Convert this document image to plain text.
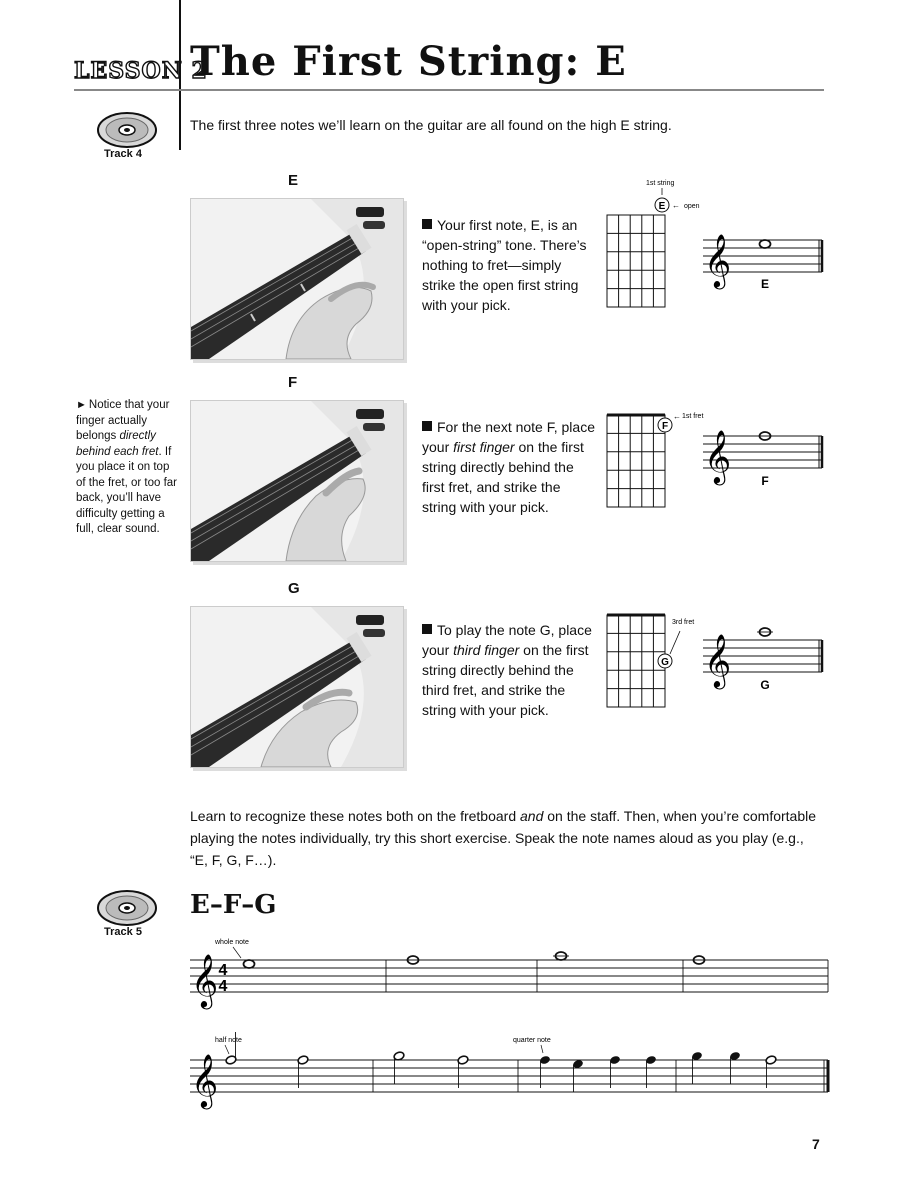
LESSON 2
The First String: E
Track 4
The first three notes we’ll learn on the guitar are all found on the high E string.
E
Your first note, E, is an “open-string” tone. There’s nothing to fret—simply strike the open first string with your pick.
1st string
E ← open
𝄞 E
F
For the next note F, place your first finger on the first string directly behind the first fret, and strike the string with your pick.
F
← 1st fret
𝄞	F
► Notice that your finger actually belongs directly behind each fret. If you place it on top of the fret, or too far back, you’ll have difficulty getting a full, clear sound.
G
To play the note G, place your third finger on the first string directly behind the third fret, and strike the string with your pick.
G
3rd fret
𝄞 G
Learn to recognize these notes both on the fretboard and on the staff. Then, when you’re comfortable playing the notes individually, try this short exercise. Speak the note names aloud as you play (e.g., “E, F, G, F…).
Track 5
E–F–G
whole note
𝄞 4
4
half note	quarter note
𝄞
7
